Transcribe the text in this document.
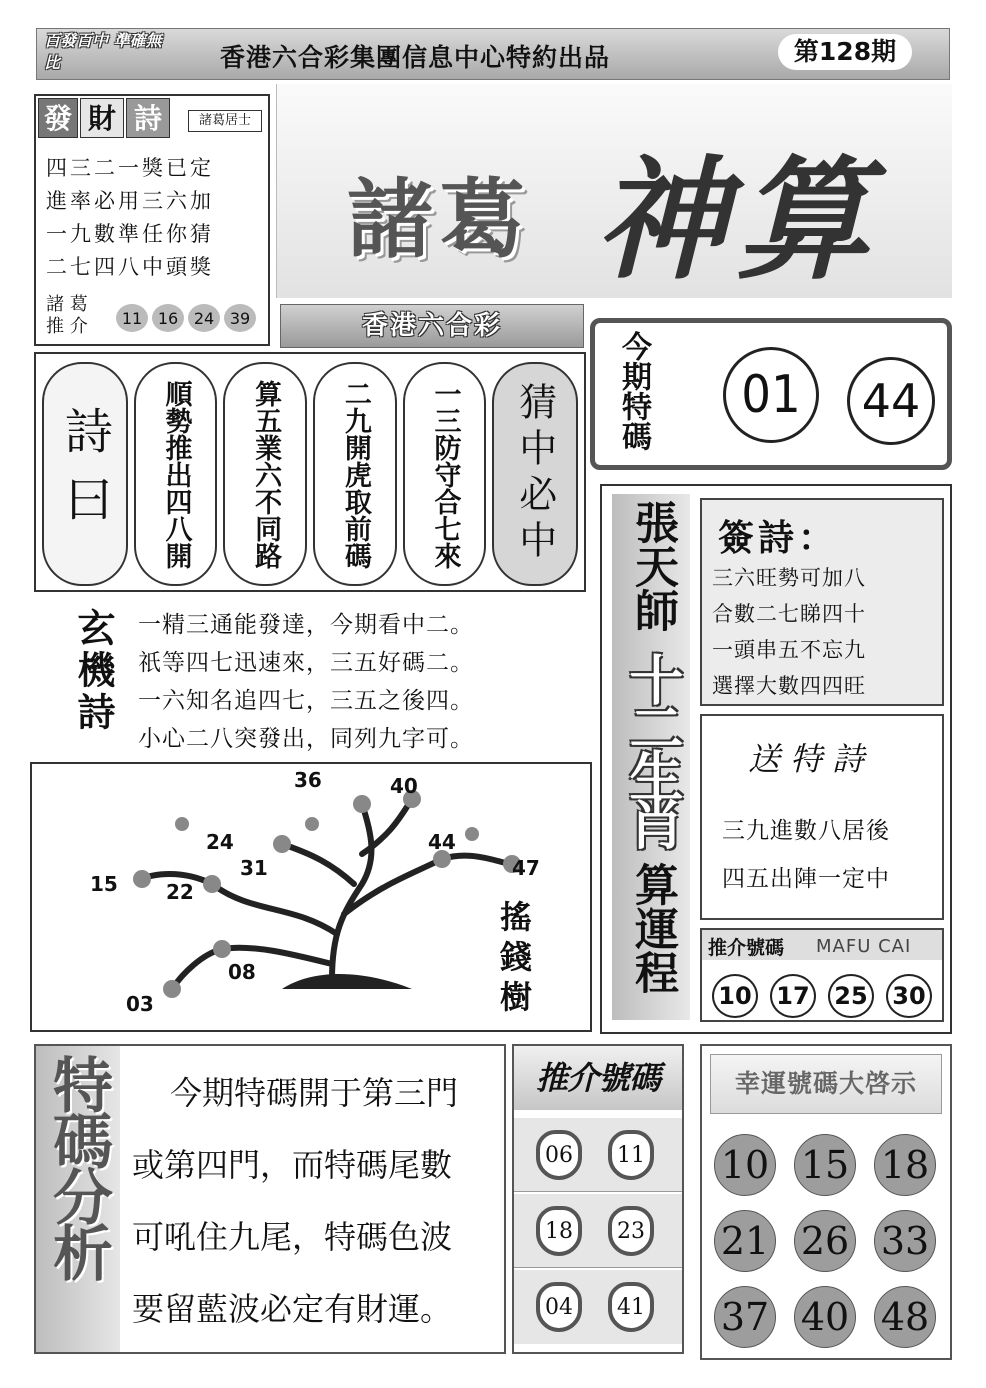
百發百中 準確無比	香港六合彩集團信息中心特約出品	第128期
發 財 詩	諸葛居士
四三二一獎已定
進率必用三六加
一九數準任你猜
二七四八中頭獎
諸 葛
推 介	11 16 24 39
諸葛 神算
香港六合彩
今期特碼	01	44
詩曰 順勢推出四八開 算五業六不同路 二九開虎取前碼 一三防守合七來 猜中必中
玄機詩 一精三通能發達，今期看中二。
祇等四七迅速來，三五好碼二。
一六知名追四七，三五之後四。
小心二八突發出，同列九字可。
36	40
24	44
31	47
15 22
08
03	搖錢樹
張天師
十二生肖
算運程
簽詩：
三六旺勢可加八
合數二七睇四十
一頭串五不忘九
選擇大數四四旺
送特詩
三九進數八居後
四五出陣一定中
推介號碼 MAFU CAI
10 17 25 30
特碼分析	今期特碼開于第三門
或第四門，而特碼尾數
可吼住九尾，特碼色波
要留藍波必定有財運。
推介號碼
06	11
18	23
04	41
幸運號碼大啓示
10 15 18
21 26 33
37 40 48
